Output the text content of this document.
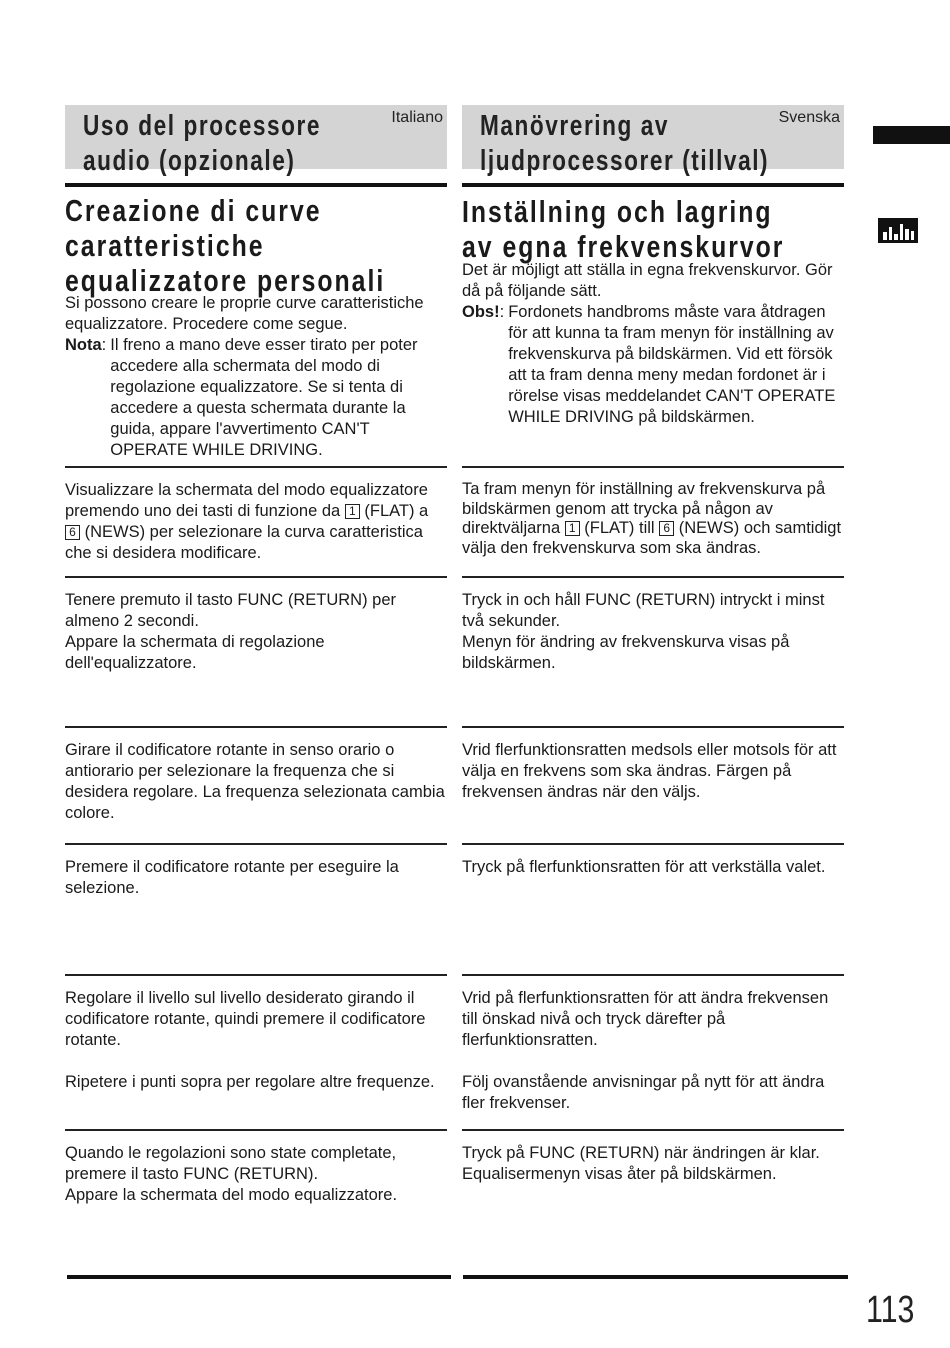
Uso del processore
audio (opzionale)
Italiano
Creazione di curve
caratteristiche
equalizzatore personali

Si possono creare le proprie curve caratteristiche equalizzatore. Procedere come segue.

Nota: Il freno a mano deve esser tirato per poter accedere alla schermata del modo di regolazione equalizzatore. Se si tenta di accedere a questa schermata durante la guida, appare l'avvertimento CAN'T OPERATE WHILE DRIVING.

Visualizzare la schermata del modo equalizzatore premendo uno dei tasti di funzione da 1 (FLAT) a 6 (NEWS) per selezionare la curva caratteristica che si desidera modificare.

Tenere premuto il tasto FUNC (RETURN) per almeno 2 secondi.

Appare la schermata di regolazione dell'equalizzatore.

Girare il codificatore rotante in senso orario o antiorario per selezionare la frequenza che si desidera regolare. La frequenza selezionata cambia colore.

Premere il codificatore rotante per eseguire la selezione.

Regolare il livello sul livello desiderato girando il codificatore rotante, quindi premere il codificatore rotante.

Ripetere i punti sopra per regolare altre frequenze.

Quando le regolazioni sono state completate, premere il tasto FUNC (RETURN).

Appare la schermata del modo equalizzatore.

Manövrering av
ljudprocessorer (tillval)
Svenska
Inställning och lagring
av egna frekvenskurvor

Det är möjligt att ställa in egna frekvenskurvor. Gör då på följande sätt.

Obs!: Fordonets handbroms måste vara åtdragen för att kunna ta fram menyn för inställning av frekvenskurva på bildskärmen. Vid ett försök att ta fram denna meny medan fordonet är i rörelse visas meddelandet CAN'T OPERATE WHILE DRIVING på bildskärmen.

Ta fram menyn för inställning av frekvenskurva på bildskärmen genom att trycka på någon av direktväljarna 1 (FLAT) till 6 (NEWS) och samtidigt välja den frekvenskurva som ska ändras.

Tryck in och håll FUNC (RETURN) intryckt i minst två sekunder.

Menyn för ändring av frekvenskurva visas på bildskärmen.

Vrid flerfunktionsratten medsols eller motsols för att välja en frekvens som ska ändras. Färgen på frekvensen ändras när den väljs.

Tryck på flerfunktionsratten för att verkställa valet.

Vrid på flerfunktionsratten för att ändra frekvensen till önskad nivå och tryck därefter på flerfunktionsratten.

Följ ovanstående anvisningar på nytt för att ändra fler frekvenser.

Tryck på FUNC (RETURN) när ändringen är klar.

Equalisermenyn visas åter på bildskärmen.

113
